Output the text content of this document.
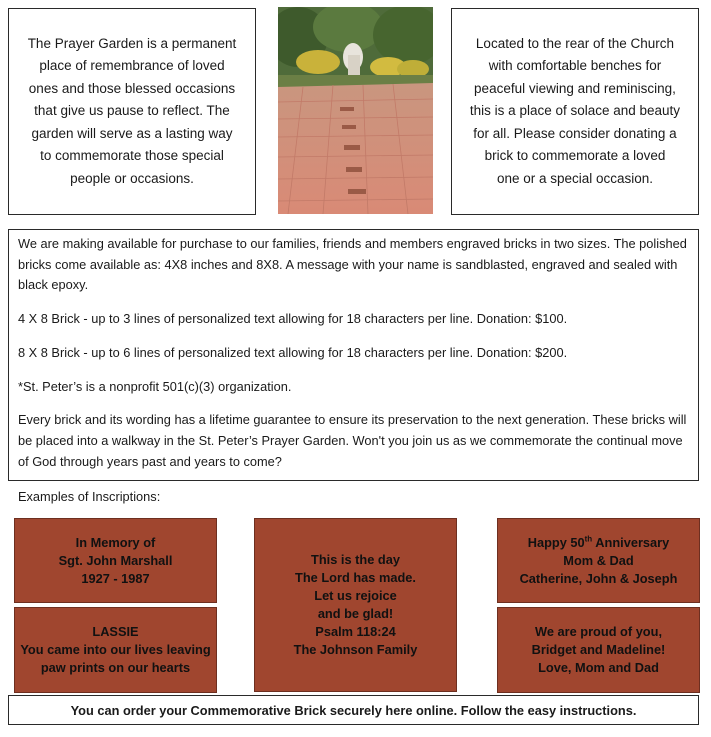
The Prayer Garden is a permanent
place of remembrance of loved
ones and those blessed occasions
that give us pause to reflect. The
garden will serve as a lasting way
to commemorate those special
people or occasions.
Located to the rear of the Church
with comfortable benches for
peaceful viewing and reminiscing,
this is a place of solace and beauty
for all. Please consider donating a
brick to commemorate a loved
one or a special occasion.

We are making available for purchase to our families, friends and members engraved bricks in two sizes. The polished bricks come available as: 4X8 inches and 8X8. A message with your name is sandblasted, engraved and sealed with black epoxy.

4 X 8 Brick - up to 3 lines of personalized text allowing for 18 characters per line. Donation: $100.

8 X 8 Brick - up to 6 lines of personalized text allowing for 18 characters per line. Donation: $200.

*St. Peter’s is a nonprofit 501(c)(3) organization.

Every brick and its wording has a lifetime guarantee to ensure its preservation to the next generation. These bricks will be placed into a walkway in the St. Peter’s Prayer Garden. Won't you join us as we commemorate the continual move of God through years past and years to come?

Examples of Inscriptions:
In Memory of
Sgt. John Marshall
1927 - 1987
LASSIE
You came into our lives leaving
paw prints on our hearts
This is the day
The Lord has made.
Let us rejoice
and be glad!
Psalm 118:24
The Johnson Family
Happy 50th Anniversary
Mom & Dad
Catherine, John & Joseph
We are proud of you,
Bridget and Madeline!
Love, Mom and Dad
You can order your Commemorative Brick securely here online. Follow the easy instructions.
